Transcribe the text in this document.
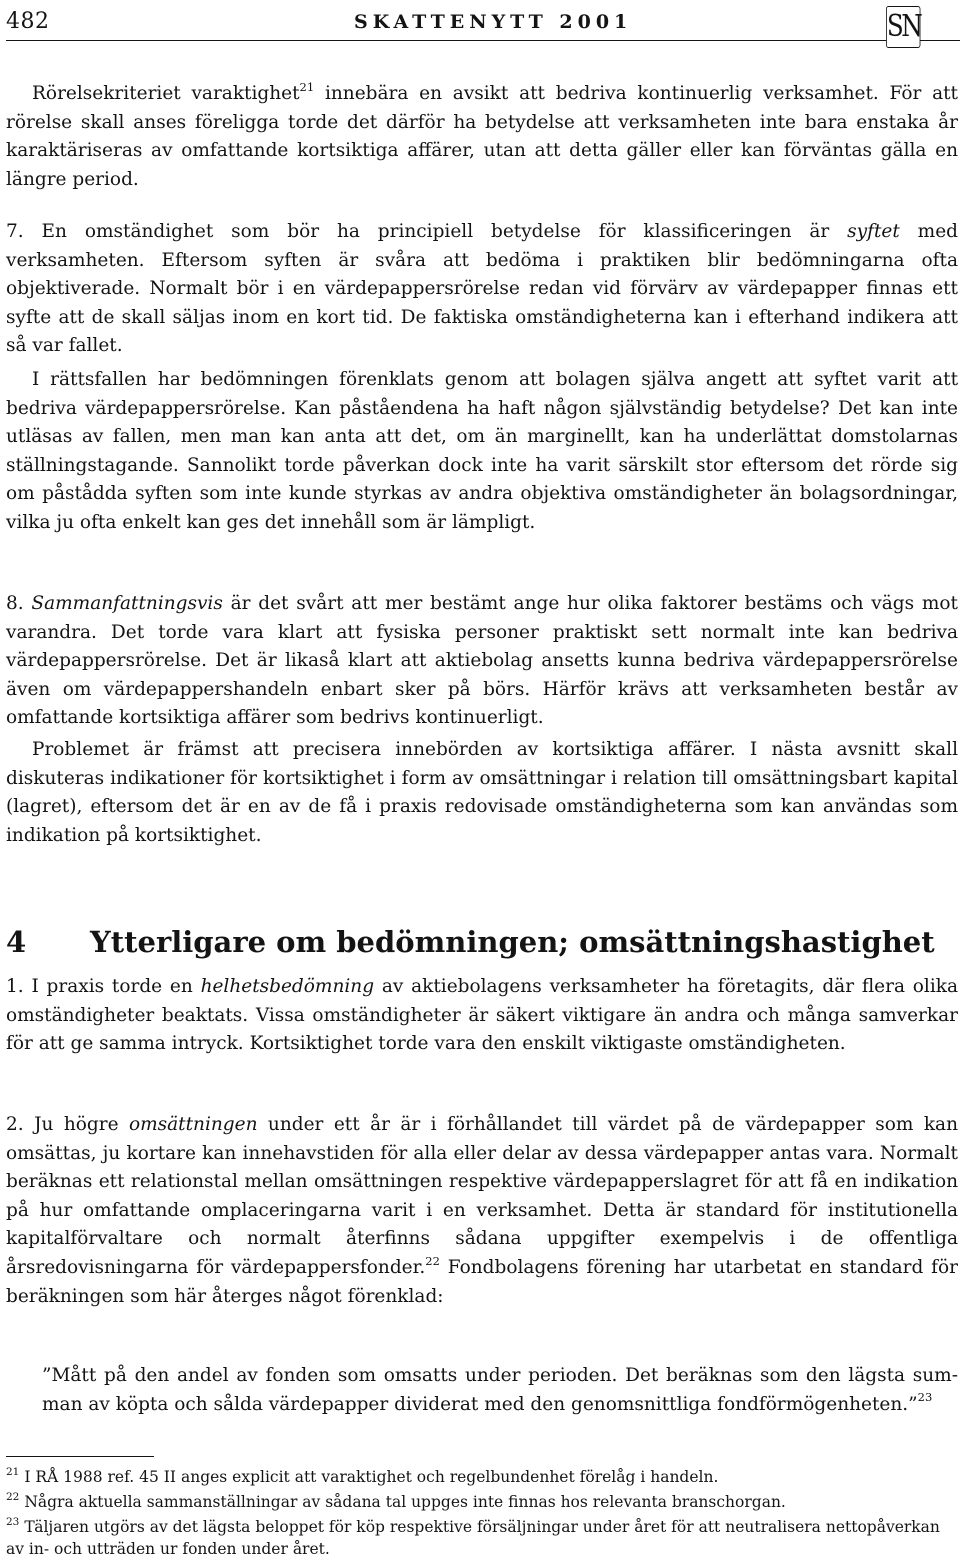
482	SKATTENYTT 2001	SN

Rörelsekriteriet varaktighet$^{21}$ innebära en avsikt att bedriva kontinuerlig verksamhet. För att rörelse skall anses föreligga torde det därför ha betydelse att verksamheten inte bara enstaka år karaktäriseras av omfattande kortsiktiga affärer, utan att detta gäller eller kan förväntas gälla en längre period.

7. En omständighet som bör ha principiell betydelse för klassificeringen är syftet med verksamheten. Eftersom syften är svåra att bedöma i praktiken blir bedömningarna ofta objektiverade. Normalt bör i en värdepappersrörelse redan vid förvärv av värdepapper finnas ett syfte att de skall säljas inom en kort tid. De faktiska omständigheterna kan i efterhand indikera att så var fallet.

I rättsfallen har bedömningen förenklats genom att bolagen själva angett att syftet varit att bedriva värdepappersrörelse. Kan påståendena ha haft någon självständig betydelse? Det kan inte utläsas av fallen, men man kan anta att det, om än marginellt, kan ha underlättat domstolarnas ställningstagande. Sannolikt torde påverkan dock inte ha varit särskilt stor eftersom det rörde sig om påstådda syften som inte kunde styrkas av andra objektiva omständigheter än bolagsordningar, vilka ju ofta enkelt kan ges det innehåll som är lämpligt.

8. Sammanfattningsvis är det svårt att mer bestämt ange hur olika faktorer bestäms och vägs mot varandra. Det torde vara klart att fysiska personer praktiskt sett normalt inte kan bedriva värdepappersrörelse. Det är likaså klart att aktiebolag ansetts kunna bedriva värdepappersrörelse även om värdepappershandeln enbart sker på börs. Härför krävs att verksamheten består av omfattande kortsiktiga affärer som bedrivs kontinuerligt.

Problemet är främst att precisera innebörden av kortsiktiga affärer. I nästa avsnitt skall diskuteras indikationer för kortsiktighet i form av omsättningar i relation till omsättningsbart kapital (lagret), eftersom det är en av de få i praxis redovisade omständigheterna som kan användas som indikation på kortsiktighet.

4 Ytterligare om bedömningen; omsättningshastighet

1. I praxis torde en helhetsbedömning av aktiebolagens verksamheter ha företagits, där flera olika omständigheter beaktats. Vissa omständigheter är säkert viktigare än andra och många samverkar för att ge samma intryck. Kortsiktighet torde vara den enskilt viktigaste omständigheten.

2. Ju högre omsättningen under ett år är i förhållandet till värdet på de värdepapper som kan omsättas, ju kortare kan innehavstiden för alla eller delar av dessa värdepapper antas vara. Normalt beräknas ett relationstal mellan omsättningen respektive värdepapperslagret för att få en indikation på hur omfattande omplaceringarna varit i en verksamhet. Detta är standard för institutionella kapitalförvaltare och normalt återfinns sådana uppgifter exempelvis i de offentliga årsredovisningarna för värdepappersfonder.$^{22}$ Fondbolagens förening har utarbetat en standard för beräkningen som här återges något förenklad:

”Mått på den andel av fonden som omsatts under perioden. Det beräknas som den lägsta summan av köpta och sålda värdepapper dividerat med den genomsnittliga fondförmögenheten.”$^{23}$

$^{21}$ I RÅ 1988 ref. 45 II anges explicit att varaktighet och regelbundenhet förelåg i handeln.

$^{22}$ Några aktuella sammanställningar av sådana tal uppges inte finnas hos relevanta branschorgan.

$^{23}$ Täljaren utgörs av det lägsta beloppet för köp respektive försäljningar under året för att neutralisera nettopåverkan av in- och utträden ur fonden under året.
